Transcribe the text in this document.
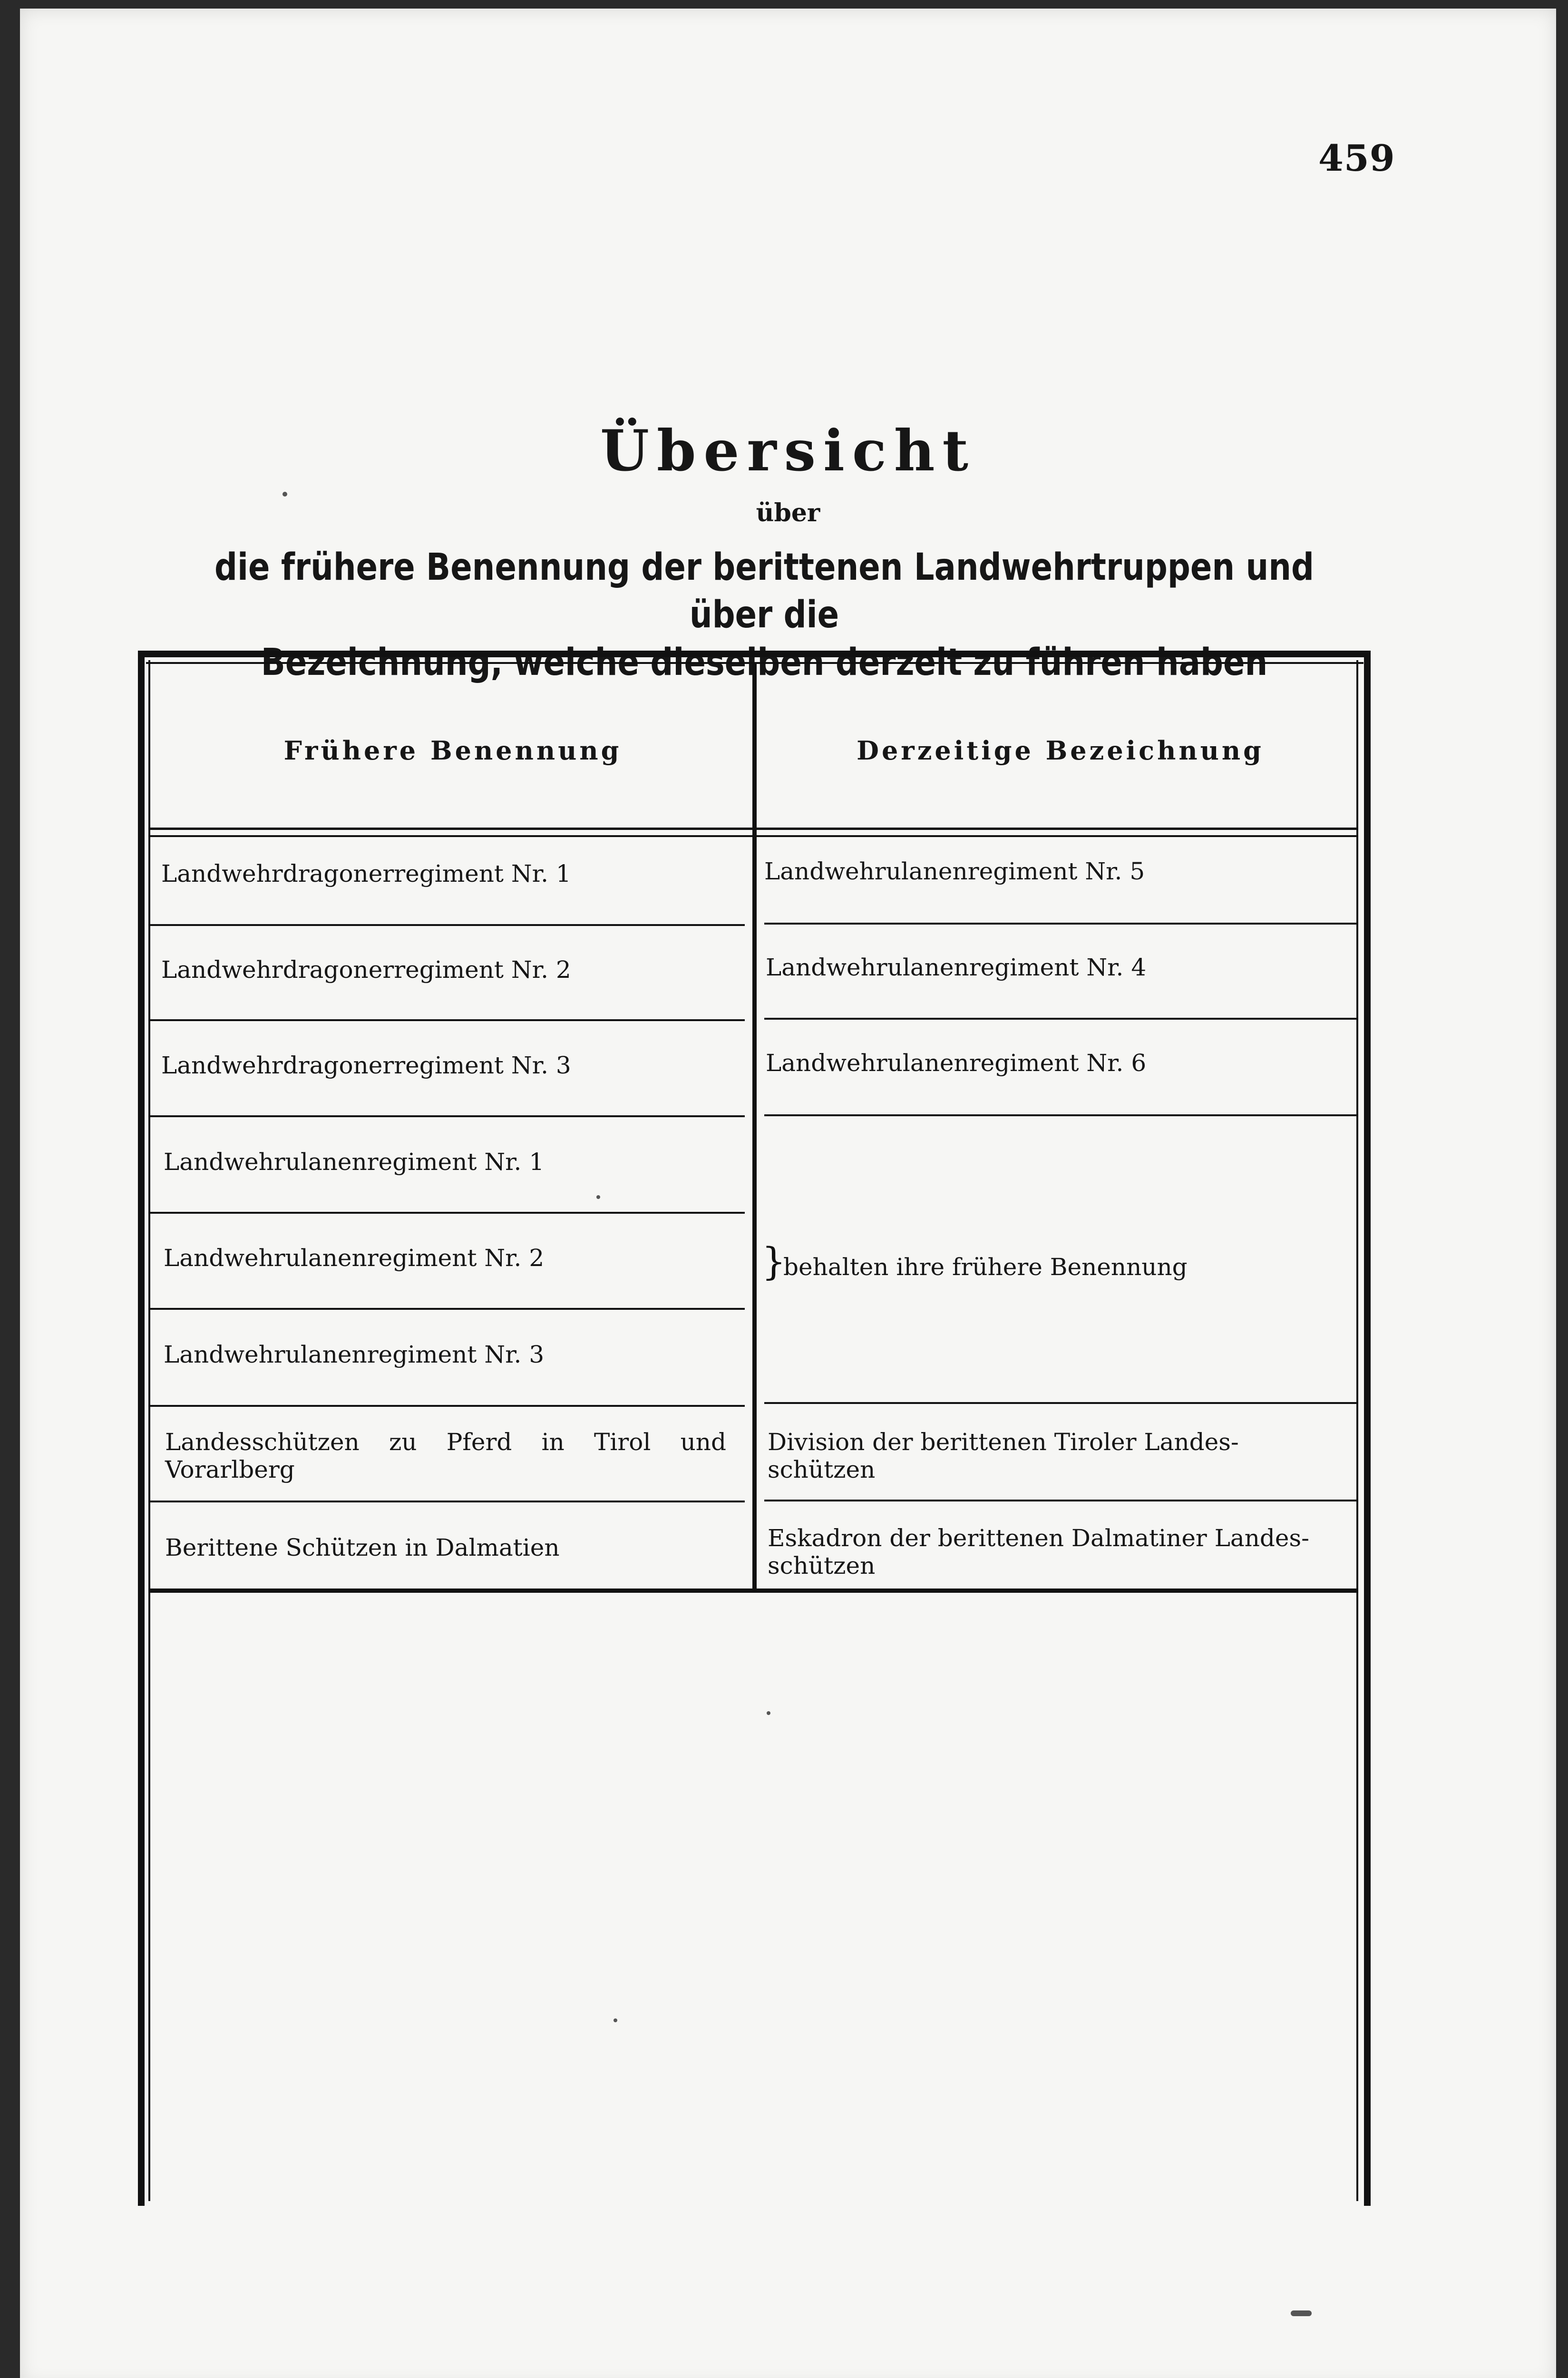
459
Übersicht
über
die frühere Benennung der berittenen Landwehrtruppen und über die
Frühere Benennung	Derzeitige Bezeichnung
Landwehrdragonerregiment Nr. 1
Landwehrdragonerregiment Nr. 2
Landwehrdragonerregiment Nr. 3
Landwehrulanenregiment Nr. 1
Landwehrulanenregiment Nr. 2
Landwehrulanenregiment Nr. 3
Landesschützen zu Pferd in Tirol und Vorarlberg
Berittene Schützen in Dalmatien
Landwehrulanenregiment Nr. 5
Landwehrulanenregiment Nr. 4
Landwehrulanenregiment Nr. 6
}
behalten ihre frühere Benennung
Division der berittenen Tiroler Landes-schützen
Eskadron der berittenen Dalmatiner Landes-schützen
